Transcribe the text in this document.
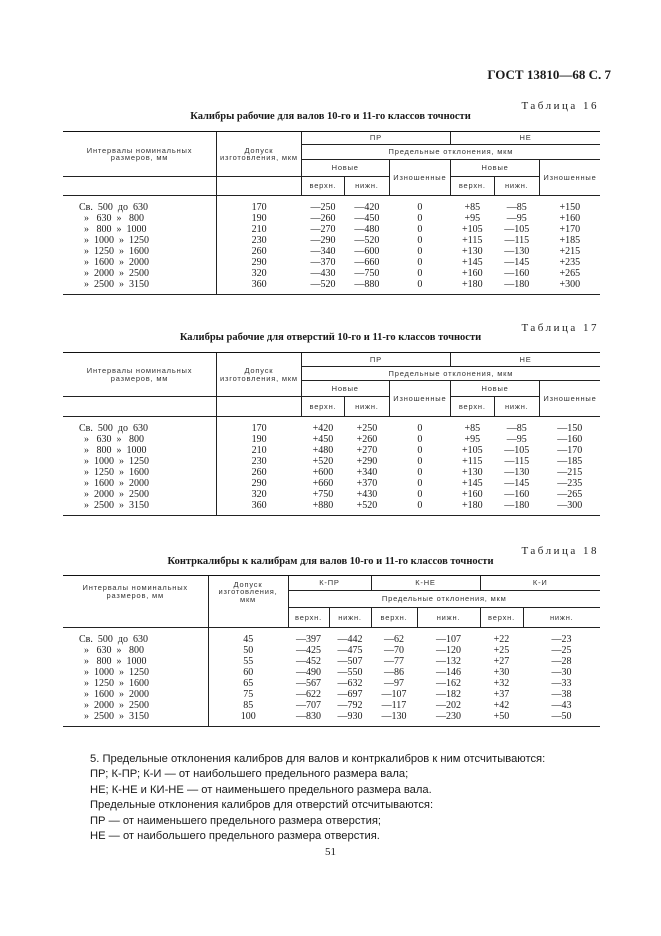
ГОСТ 13810—68 С. 7
Таблица 16
Калибры рабочие для валов 10-го и 11-го классов точности
Интервалы номинальных размеров, мм	Допуск изготовления, мкм	ПР			НЕ		
		Предельные отклонения, мкм					
		Новые		Изношенные	Новые		Изношенные
		верхн.	нижн.		верхн.	нижн.	
Св.  500  до  630	170	—250	—420	0	+85	—85	+150
»   630  »   800	190	—260	—450	0	+95	—95	+160
»   800  »  1000	210	—270	—480	0	+105	—105	+170
»  1000  »  1250	230	—290	—520	0	+115	—115	+185
»  1250  »  1600	260	—340	—600	0	+130	—130	+215
»  1600  »  2000	290	—370	—660	0	+145	—145	+235
»  2000  »  2500	320	—430	—750	0	+160	—160	+265
»  2500  »  3150	360	—520	—880	0	+180	—180	+300
Таблица 17
Калибры рабочие для отверстий 10-го и 11-го классов точности
Интервалы номинальных размеров, мм	Допуск изготовления, мкм	ПР			НЕ		
		Предельные отклонения, мкм					
		Новые		Изношенные	Новые		Изношенные
		верхн.	нижн.		верхн.	нижн.	
Св.  500  до  630	170	+420	+250	0	+85	—85	—150
»   630  »   800	190	+450	+260	0	+95	—95	—160
»   800  »  1000	210	+480	+270	0	+105	—105	—170
»  1000  »  1250	230	+520	+290	0	+115	—115	—185
»  1250  »  1600	260	+600	+340	0	+130	—130	—215
»  1600  »  2000	290	+660	+370	0	+145	—145	—235
»  2000  »  2500	320	+750	+430	0	+160	—160	—265
»  2500  »  3150	360	+880	+520	0	+180	—180	—300
Таблица 18
Контркалибры к калибрам для валов 10-го и 11-го классов точности
Интервалы номинальных размеров, мм	Допуск изготовления, мкм	К-ПР		К-НЕ		К-И	
		Предельные отклонения, мкм					
		верхн.	нижн.	верхн.	нижн.	верхн.	нижн.
Св.  500  до  630	45	—397	—442	—62	—107	+22	—23
»   630  »   800	50	—425	—475	—70	—120	+25	—25
»   800  »  1000	55	—452	—507	—77	—132	+27	—28
»  1000  »  1250	60	—490	—550	—86	—146	+30	—30
»  1250  »  1600	65	—567	—632	—97	—162	+32	—33
»  1600  »  2000	75	—622	—697	—107	—182	+37	—38
»  2000  »  2500	85	—707	—792	—117	—202	+42	—43
»  2500  »  3150	100	—830	—930	—130	—230	+50	—50
5. Предельные отклонения калибров для валов и контркалибров к ним отсчитываются:
ПР; К-ПР; К-И — от наибольшего предельного размера вала;
НЕ; К-НЕ и КИ-НЕ — от наименьшего предельного размера вала.
Предельные отклонения калибров для отверстий отсчитываются:
ПР — от наименьшего предельного размера отверстия;
НЕ — от наибольшего предельного размера отверстия.
51
